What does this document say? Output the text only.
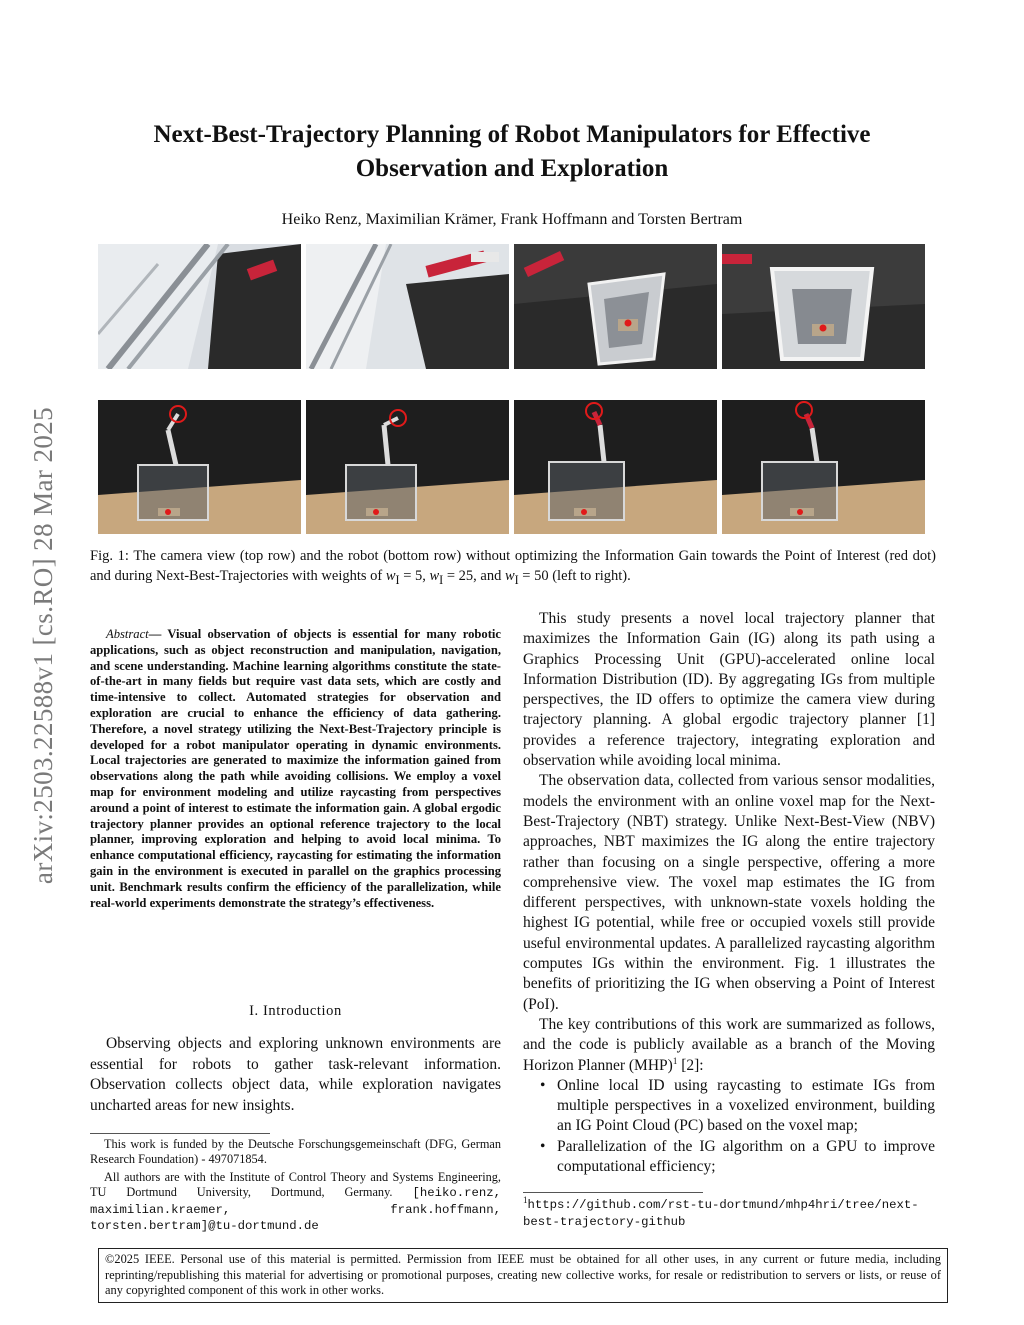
arXiv:2503.22588v1 [cs.RO] 28 Mar 2025
Next-Best-Trajectory Planning of Robot Manipulators for Effective
Observation and Exploration
Heiko Renz, Maximilian Krämer, Frank Hoffmann and Torsten Bertram
Fig. 1: The camera view (top row) and the robot (bottom row) without optimizing the Information Gain towards the Point of Interest (red dot) and during Next-Best-Trajectories with weights of $w_I = 5$, $w_I = 25$, and $w_I = 50$ (left to right).
Abstract— Visual observation of objects is essential for many robotic applications, such as object reconstruction and manipulation, navigation, and scene understanding. Machine learning algorithms constitute the state-of-the-art in many fields but require vast data sets, which are costly and time-intensive to collect. Automated strategies for observation and exploration are crucial to enhance the efficiency of data gathering. Therefore, a novel strategy utilizing the Next-Best-Trajectory principle is developed for a robot manipulator operating in dynamic environments. Local trajectories are generated to maximize the information gained from observations along the path while avoiding collisions. We employ a voxel map for environment modeling and utilize raycasting from perspectives around a point of interest to estimate the information gain. A global ergodic trajectory planner provides an optional reference trajectory to the local planner, improving exploration and helping to avoid local minima. To enhance computational efficiency, raycasting for estimating the information gain in the environment is executed in parallel on the graphics processing unit. Benchmark results confirm the efficiency of the parallelization, while real-world experiments demonstrate the strategy’s effectiveness.
I. Introduction
Observing objects and exploring unknown environments are essential for robots to gather task-relevant information. Observation collects object data, while exploration navigates uncharted areas for new insights.

This work is funded by the Deutsche Forschungsgemeinschaft (DFG, German Research Foundation) - 497071854.

All authors are with the Institute of Control Theory and Systems Engineering, TU Dortmund University, Dortmund, Germany. [heiko.renz, maximilian.kraemer, frank.hoffmann, torsten.bertram]@tu-dortmund.de

This study presents a novel local trajectory planner that maximizes the Information Gain (IG) along its path using a Graphics Processing Unit (GPU)-accelerated online local Information Distribution (ID). By aggregating IGs from multiple perspectives, the ID offers to optimize the camera view during trajectory planning. A global ergodic trajectory planner [1] provides a reference trajectory, integrating exploration and observation while avoiding local minima.

The observation data, collected from various sensor modalities, models the environment with an online voxel map for the Next-Best-Trajectory (NBT) strategy. Unlike Next-Best-View (NBV) approaches, NBT maximizes the IG along the entire trajectory rather than focusing on a single perspective, offering a more comprehensive view. The voxel map estimates the IG from different perspectives, with unknown-state voxels holding the highest IG potential, while free or occupied voxels still provide useful environmental updates. A parallelized raycasting algorithm computes IGs within the environment. Fig. 1 illustrates the benefits of prioritizing the IG when observing a Point of Interest (PoI).

The key contributions of this work are summarized as follows, and the code is publicly available as a branch of the Moving Horizon Planner (MHP)$^1$ [2]:

• Online local ID using raycasting to estimate IGs from multiple perspectives in a voxelized environment, building an IG Point Cloud (PC) based on the voxel map;
• Parallelization of the IG algorithm on a GPU to improve computational efficiency;
$^1$https://github.com/rst-tu-dortmund/mhp4hri/tree/next-best-trajectory-github
©2025 IEEE. Personal use of this material is permitted. Permission from IEEE must be obtained for all other uses, in any current or future media, including reprinting/republishing this material for advertising or promotional purposes, creating new collective works, for resale or redistribution to servers or lists, or reuse of any copyrighted component of this work in other works.
